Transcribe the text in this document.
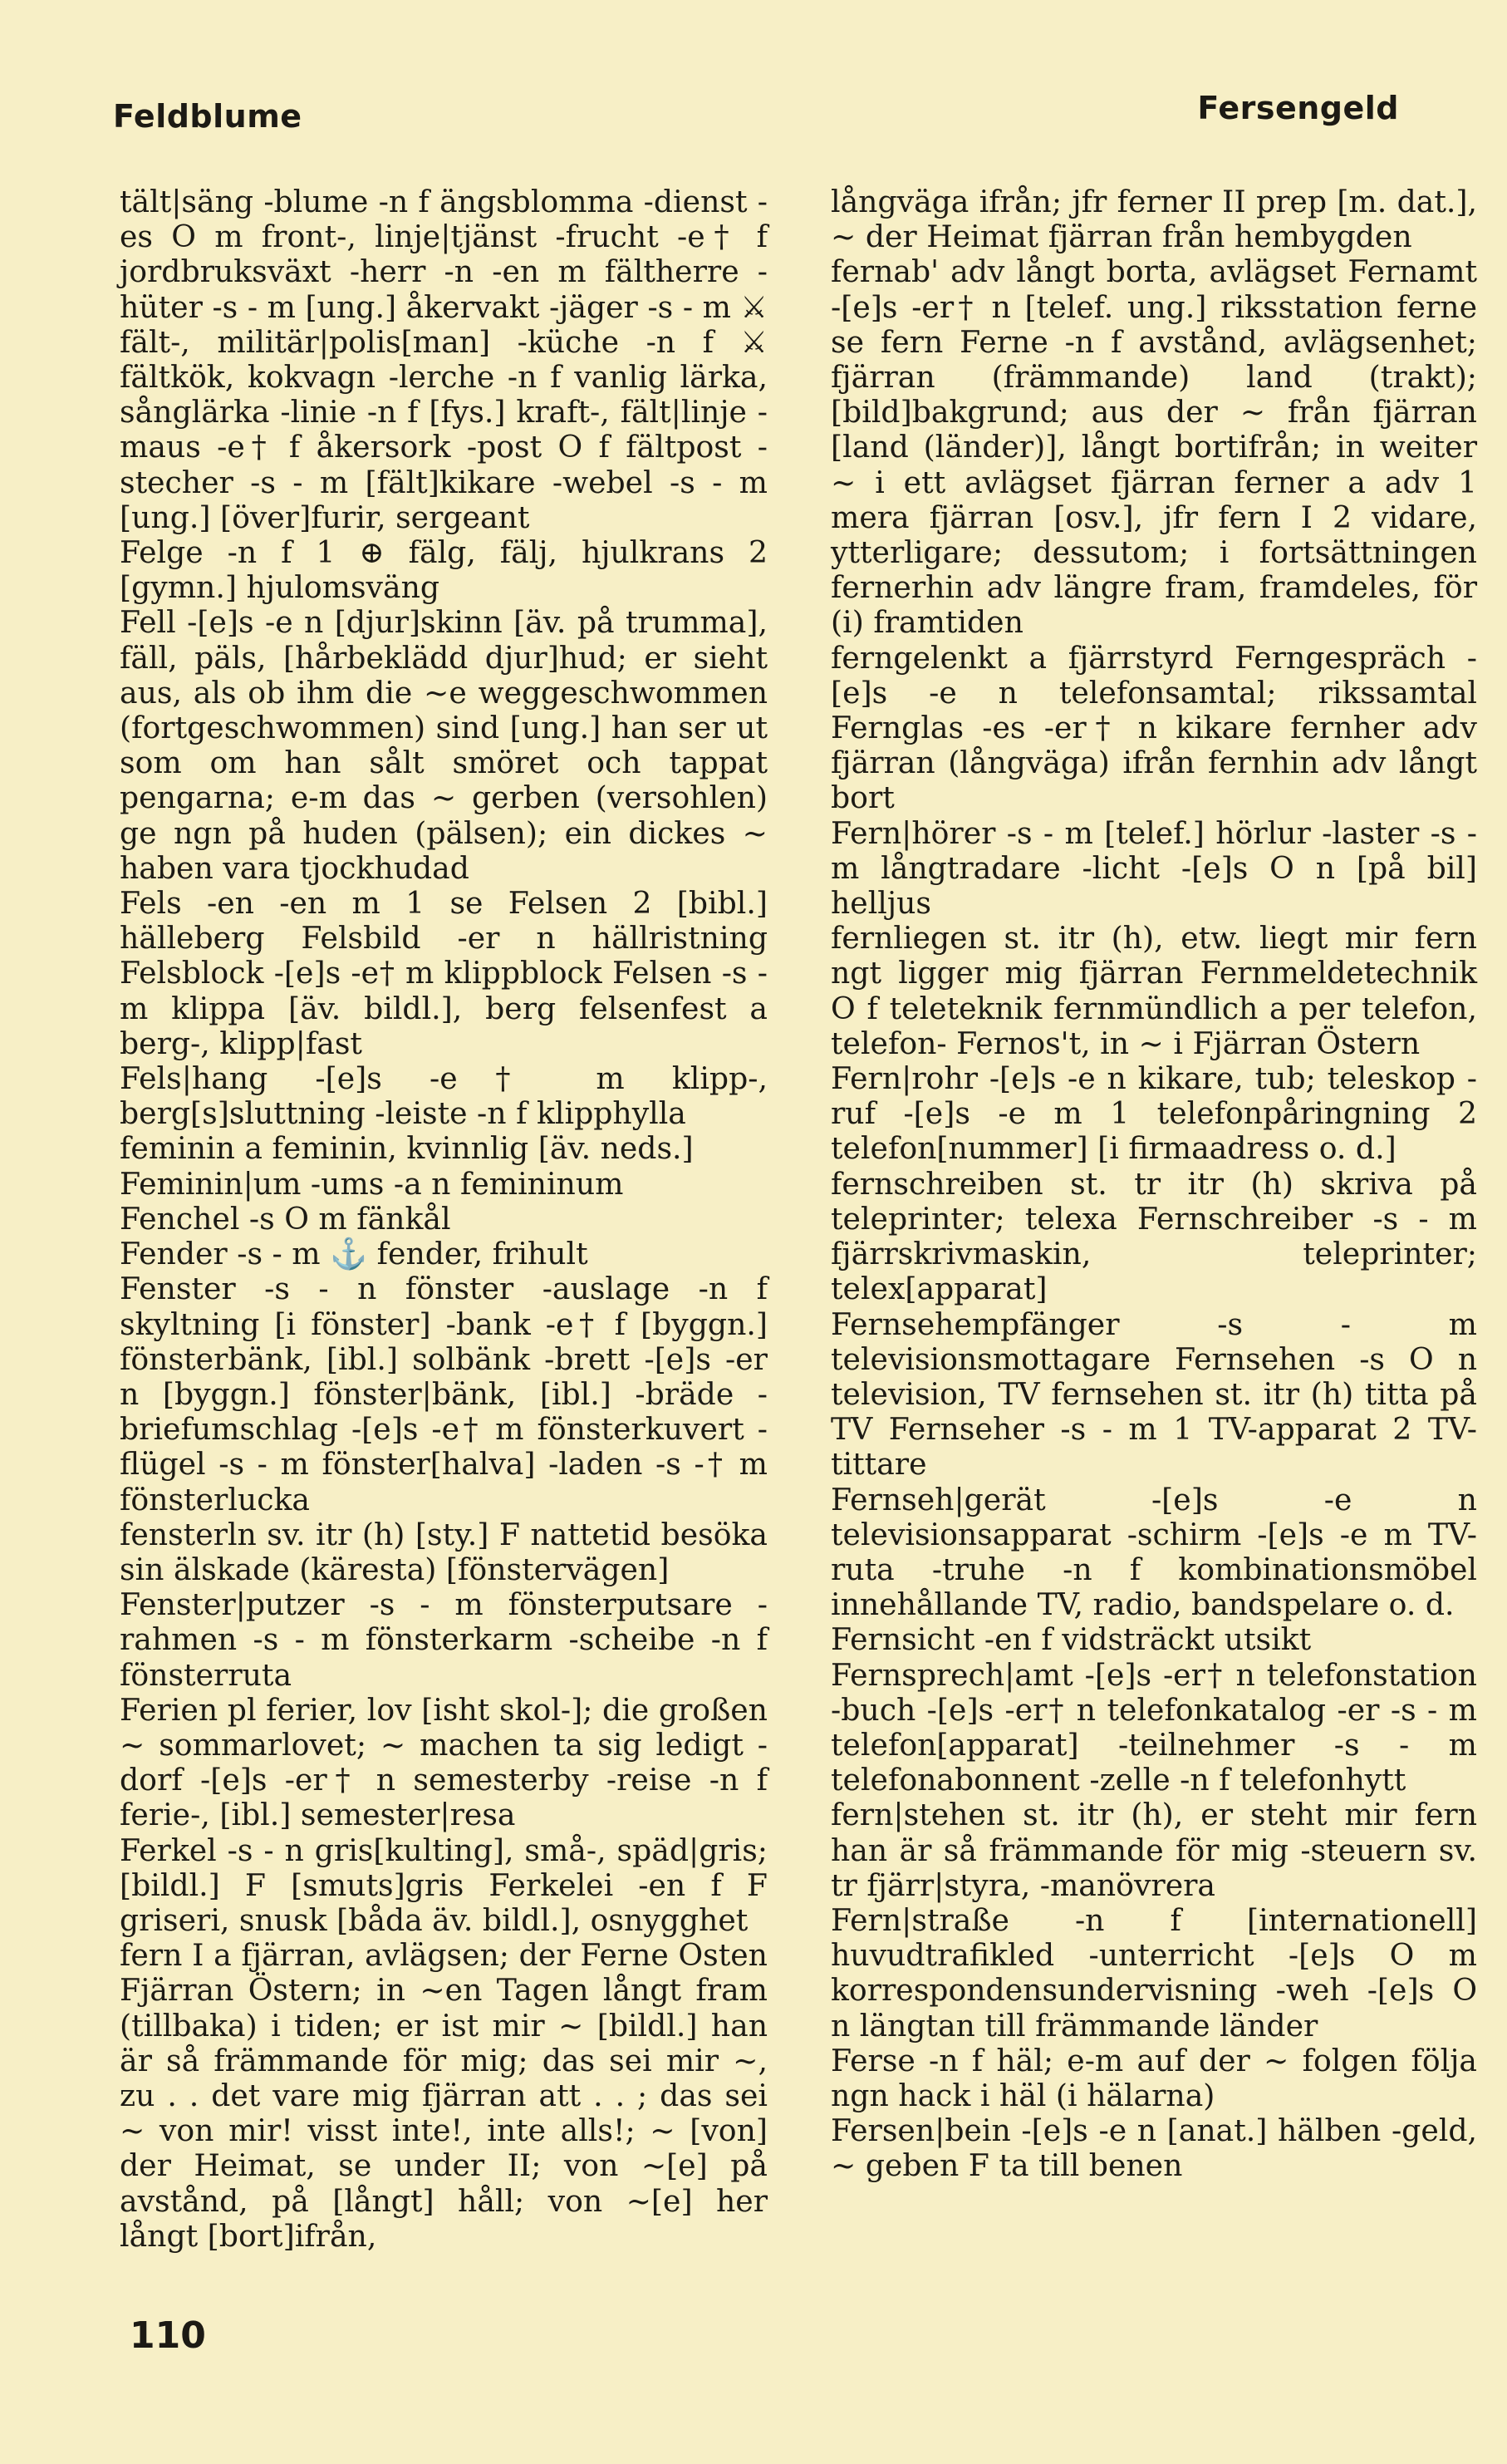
Feldblume	Fersengeld

tält|säng -blume -n f ängsblomma -dienst -es O m front-, linje|tjänst -frucht -e† f jordbruksväxt -herr -n -en m fältherre -hüter -s - m [ung.] åkervakt -jäger -s - m ⚔ fält-, militär|polis[man] -küche -n f ⚔ fältkök, kokvagn -lerche -n f vanlig lärka, sånglärka -linie -n f [fys.] kraft-, fält|linje -maus -e† f åkersork -post O f fältpost -stecher -s - m [fält]kikare -webel -s - m [ung.] [över]furir, sergeant

Felge -n f 1 ⊕ fälg, fälj, hjulkrans 2 [gymn.] hjulomsväng

Fell -[e]s -e n [djur]skinn [äv. på trumma], fäll, päls, [hårbeklädd djur]hud; er sieht aus, als ob ihm die ~e weggeschwommen (fortgeschwommen) sind [ung.] han ser ut som om han sålt smöret och tappat pengarna; e-m das ~ gerben (versohlen) ge ngn på huden (pälsen); ein dickes ~ haben vara tjockhudad

Fels -en -en m 1 se Felsen 2 [bibl.] hälleberg Felsbild -er n hällristning Felsblock -[e]s -e† m klippblock Felsen -s - m klippa [äv. bildl.], berg felsenfest a berg-, klipp|fast

Fels|hang -[e]s -e† m klipp-, berg[s]sluttning -leiste -n f klipphylla

feminin a feminin, kvinnlig [äv. neds.]

Feminin|um -ums -a n femininum

Fenchel -s O m fänkål

Fender -s - m ⚓ fender, frihult

Fenster -s - n fönster -auslage -n f skyltning [i fönster] -bank -e† f [byggn.] fönsterbänk, [ibl.] solbänk -brett -[e]s -er n [byggn.] fönster|bänk, [ibl.] -bräde -briefumschlag -[e]s -e† m fönsterkuvert -flügel -s - m fönster[halva] -laden -s -† m fönsterlucka

fensterln sv. itr (h) [sty.] F nattetid besöka sin älskade (käresta) [fönstervägen]

Fenster|putzer -s - m fönsterputsare -rahmen -s - m fönsterkarm -scheibe -n f fönsterruta

Ferien pl ferier, lov [isht skol-]; die großen ~ sommarlovet; ~ machen ta sig ledigt -dorf -[e]s -er† n semesterby -reise -n f ferie-, [ibl.] semester|resa

Ferkel -s - n gris[kulting], små-, späd|gris; [bildl.] F [smuts]gris Ferkelei -en f F griseri, snusk [båda äv. bildl.], osnygghet

fern I a fjärran, avlägsen; der Ferne Osten Fjärran Östern; in ~en Tagen långt fram (tillbaka) i tiden; er ist mir ~ [bildl.] han är så främmande för mig; das sei mir ~, zu . . det vare mig fjärran att . . ; das sei ~ von mir! visst inte!, inte alls!; ~ [von] der Heimat, se under II; von ~[e] på avstånd, på [långt] håll; von ~[e] her långt [bort]ifrån,

långväga ifrån; jfr ferner II prep [m. dat.], ~ der Heimat fjärran från hembygden

fernab' adv långt borta, avlägset Fernamt -[e]s -er† n [telef. ung.] riksstation ferne se fern Ferne -n f avstånd, avlägsenhet; fjärran (främmande) land (trakt); [bild]bakgrund; aus der ~ från fjärran [land (länder)], långt bortifrån; in weiter ~ i ett avlägset fjärran ferner a adv 1 mera fjärran [osv.], jfr fern I 2 vidare, ytterligare; dessutom; i fortsättningen fernerhin adv längre fram, framdeles, för (i) framtiden

ferngelenkt a fjärrstyrd Ferngespräch -[e]s -e n telefonsamtal; rikssamtal Fernglas -es -er† n kikare fernher adv fjärran (långväga) ifrån fernhin adv långt bort

Fern|hörer -s - m [telef.] hörlur -laster -s - m långtradare -licht -[e]s O n [på bil] helljus

fernliegen st. itr (h), etw. liegt mir fern ngt ligger mig fjärran Fernmeldetechnik O f teleteknik fernmündlich a per telefon, telefon- Fernos't, in ~ i Fjärran Östern

Fern|rohr -[e]s -e n kikare, tub; teleskop -ruf -[e]s -e m 1 telefonpåringning 2 telefon[nummer] [i firmaadress o. d.]

fernschreiben st. tr itr (h) skriva på teleprinter; telexa Fernschreiber -s - m fjärrskrivmaskin, teleprinter; telex[apparat]

Fernsehempfänger -s - m televisionsmottagare Fernsehen -s O n television, TV fernsehen st. itr (h) titta på TV Fernseher -s - m 1 TV-apparat 2 TV-tittare

Fernseh|gerät -[e]s -e n televisionsapparat -schirm -[e]s -e m TV-ruta -truhe -n f kombinationsmöbel innehållande TV, radio, bandspelare o. d.

Fernsicht -en f vidsträckt utsikt

Fernsprech|amt -[e]s -er† n telefonstation -buch -[e]s -er† n telefonkatalog -er -s - m telefon[apparat] -teilnehmer -s - m telefonabonnent -zelle -n f telefonhytt

fern|stehen st. itr (h), er steht mir fern han är så främmande för mig -steuern sv. tr fjärr|styra, -manövrera

Fern|straße -n f [internationell] huvudtrafikled -unterricht -[e]s O m korrespondensundervisning -weh -[e]s O n längtan till främmande länder

Ferse -n f häl; e-m auf der ~ folgen följa ngn hack i häl (i hälarna)

Fersen|bein -[e]s -e n [anat.] hälben -geld, ~ geben F ta till benen

110
